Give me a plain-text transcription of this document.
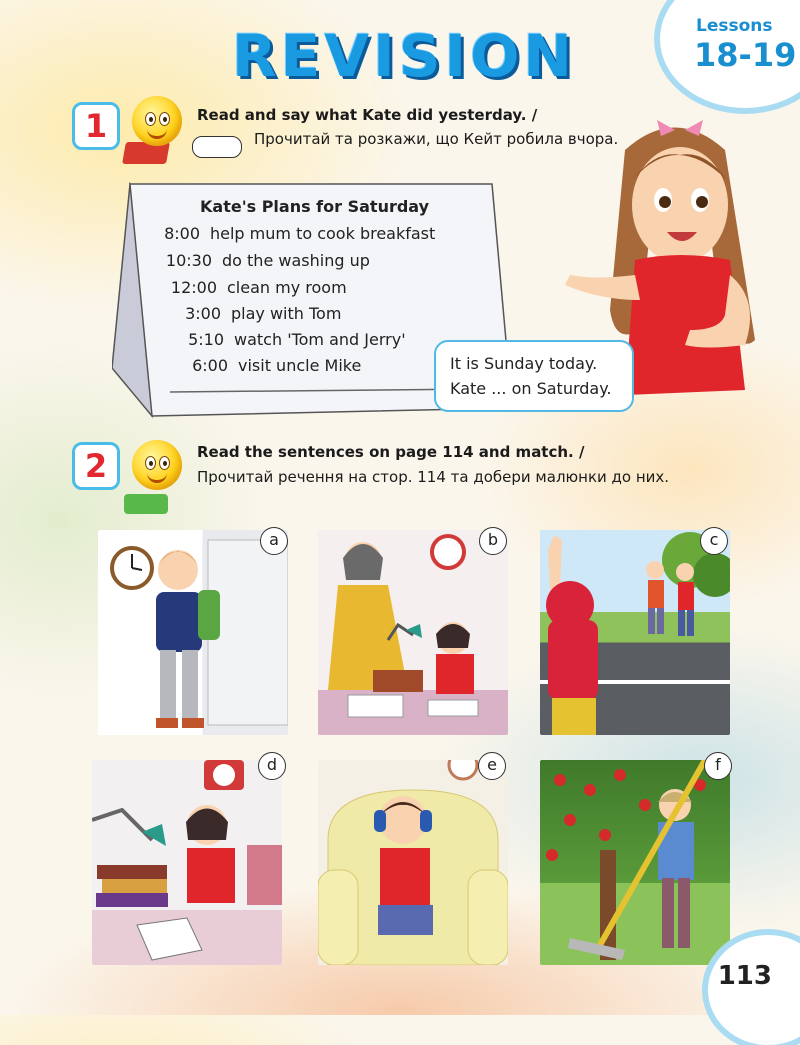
REVISION	Lessons
18-19
1	Read and say what Kate did yesterday. /
Прочитай та розкажи, що Кейт робила вчора.
Kate's Plans for Saturday
8:00 help mum to cook breakfast
10:30 do the washing up
12:00 clean my room
3:00 play with Tom
5:10 watch 'Tom and Jerry'
6:00 visit uncle Mike	It is Sunday today.
Kate ... on Saturday.
2	Read the sentences on page 114 and match. /
Прочитай речення на стор. 114 та добери малюнки до них.
a	b	c
d	e	f
113
